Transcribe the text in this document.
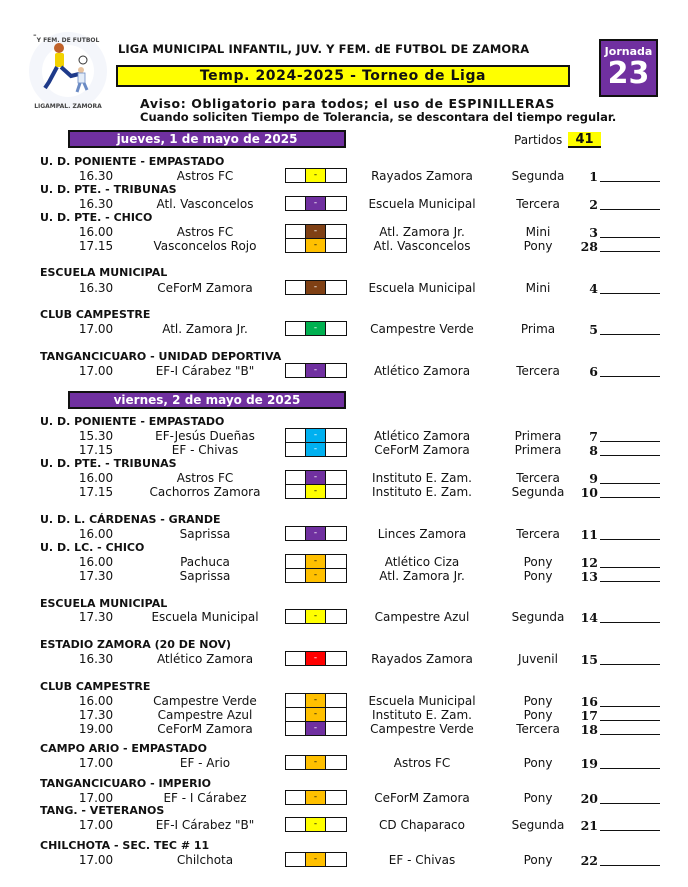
- Y FEM. DE FUTBOL
LIGAMPAL. ZAMORA
LIGA MUNICIPAL INFANTIL, JUV. Y FEM. dE FUTBOL DE ZAMORA
Temp. 2024-2025 - Torneo de Liga
Aviso: Obligatorio para todos; el uso de ESPINILLERAS
Cuando soliciten Tiempo de Tolerancia, se descontara del tiempo regular.
Jornada
23
jueves, 1 de mayo de 2025	Partidos	41
U. D. PONIENTE - EMPASTADO
16.30	Astros FC	-	Rayados Zamora	Segunda	1
U. D. PTE. - TRIBUNAS
16.30	Atl. Vasconcelos	-	Escuela Municipal	Tercera	2
U. D. PTE. - CHICO
16.00	Astros FC	-	Atl. Zamora Jr.	Mini	3
17.15	Vasconcelos Rojo	-	Atl. Vasconcelos	Pony	28
ESCUELA MUNICIPAL
16.30	CeForM Zamora	-	Escuela Municipal	Mini	4
CLUB CAMPESTRE
17.00	Atl. Zamora Jr.	-	Campestre Verde	Prima	5
TANGANCICUARO - UNIDAD DEPORTIVA
17.00	EF-I Cárabez "B"	-	Atlético Zamora	Tercera	6
viernes, 2 de mayo de 2025
U. D. PONIENTE - EMPASTADO
15.30	EF-Jesús Dueñas	-	Atlético Zamora	Primera	7
17.15	EF - Chivas	-	CeForM Zamora	Primera	8
U. D. PTE. - TRIBUNAS
16.00	Astros FC	-	Instituto E. Zam.	Tercera	9
17.15	Cachorros Zamora	-	Instituto E. Zam.	Segunda	10
U. D. L. CÁRDENAS - GRANDE
16.00	Saprissa	-	Linces Zamora	Tercera	11
U. D. LC. - CHICO
16.00	Pachuca	-	Atlético Ciza	Pony	12
17.30	Saprissa	-	Atl. Zamora Jr.	Pony	13
ESCUELA MUNICIPAL
17.30	Escuela Municipal	-	Campestre Azul	Segunda	14
ESTADIO ZAMORA (20 DE NOV)
16.30	Atlético Zamora	-	Rayados Zamora	Juvenil	15
CLUB CAMPESTRE
16.00	Campestre Verde	-	Escuela Municipal	Pony	16
17.30	Campestre Azul	-	Instituto E. Zam.	Pony	17
19.00	CeForM Zamora	-	Campestre Verde	Tercera	18
CAMPO ARIO - EMPASTADO
17.00	EF - Ario	-	Astros FC	Pony	19
TANGANCICUARO - IMPERIO
17.00	EF - I Cárabez	-	CeForM Zamora	Pony	20
TANG. - VETERANOS
17.00	EF-I Cárabez "B"	-	CD Chaparaco	Segunda	21
CHILCHOTA - SEC. TEC # 11
17.00	Chilchota	-	EF - Chivas	Pony	22
